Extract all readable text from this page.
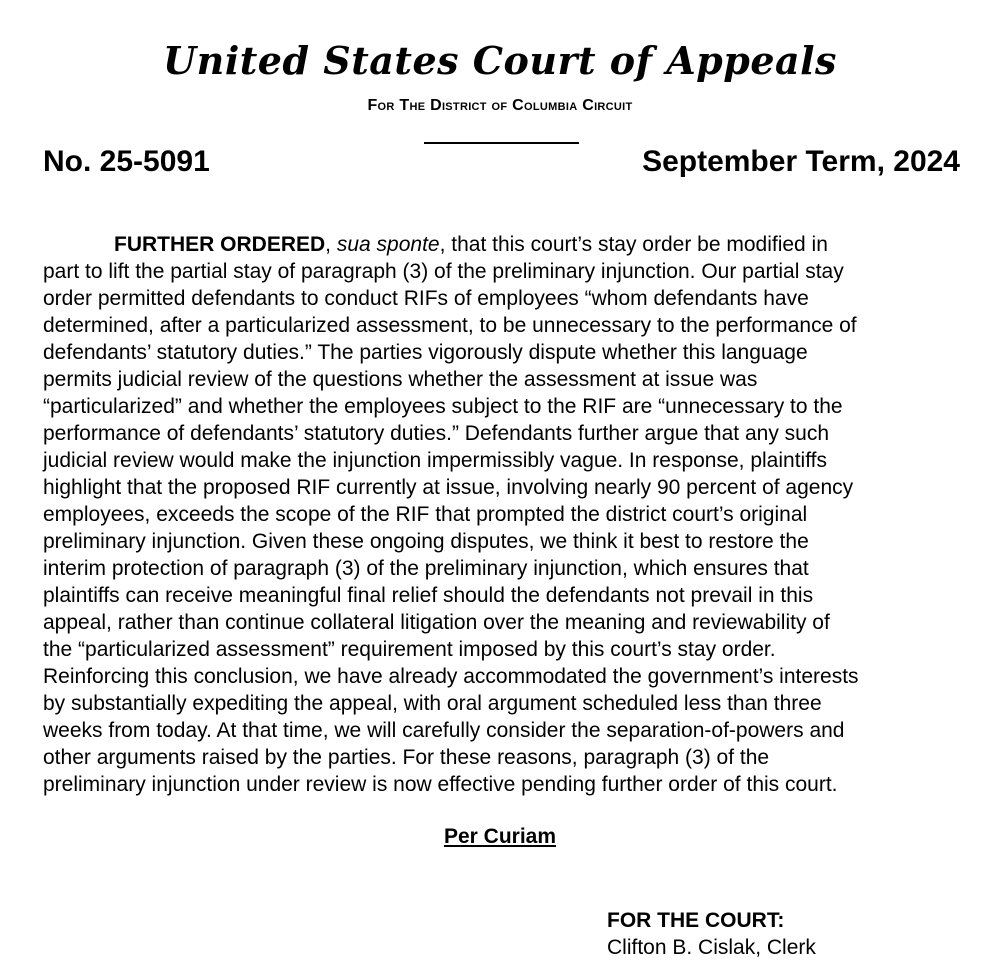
United States Court of Appeals
For The District of Columbia Circuit
No. 25-5091	September Term, 2024
FURTHER ORDERED, sua sponte, that this court’s stay order be modified in
part to lift the partial stay of paragraph (3) of the preliminary injunction. Our partial stay
order permitted defendants to conduct RIFs of employees “whom defendants have
determined, after a particularized assessment, to be unnecessary to the performance of
defendants’ statutory duties.” The parties vigorously dispute whether this language
permits judicial review of the questions whether the assessment at issue was
“particularized” and whether the employees subject to the RIF are “unnecessary to the
performance of defendants’ statutory duties.” Defendants further argue that any such
judicial review would make the injunction impermissibly vague. In response, plaintiffs
highlight that the proposed RIF currently at issue, involving nearly 90 percent of agency
employees, exceeds the scope of the RIF that prompted the district court’s original
preliminary injunction. Given these ongoing disputes, we think it best to restore the
interim protection of paragraph (3) of the preliminary injunction, which ensures that
plaintiffs can receive meaningful final relief should the defendants not prevail in this
appeal, rather than continue collateral litigation over the meaning and reviewability of
the “particularized assessment” requirement imposed by this court’s stay order.
Reinforcing this conclusion, we have already accommodated the government’s interests
by substantially expediting the appeal, with oral argument scheduled less than three
weeks from today. At that time, we will carefully consider the separation-of-powers and
other arguments raised by the parties. For these reasons, paragraph (3) of the
preliminary injunction under review is now effective pending further order of this court.
Per Curiam
FOR THE COURT:
Clifton B. Cislak, Clerk
